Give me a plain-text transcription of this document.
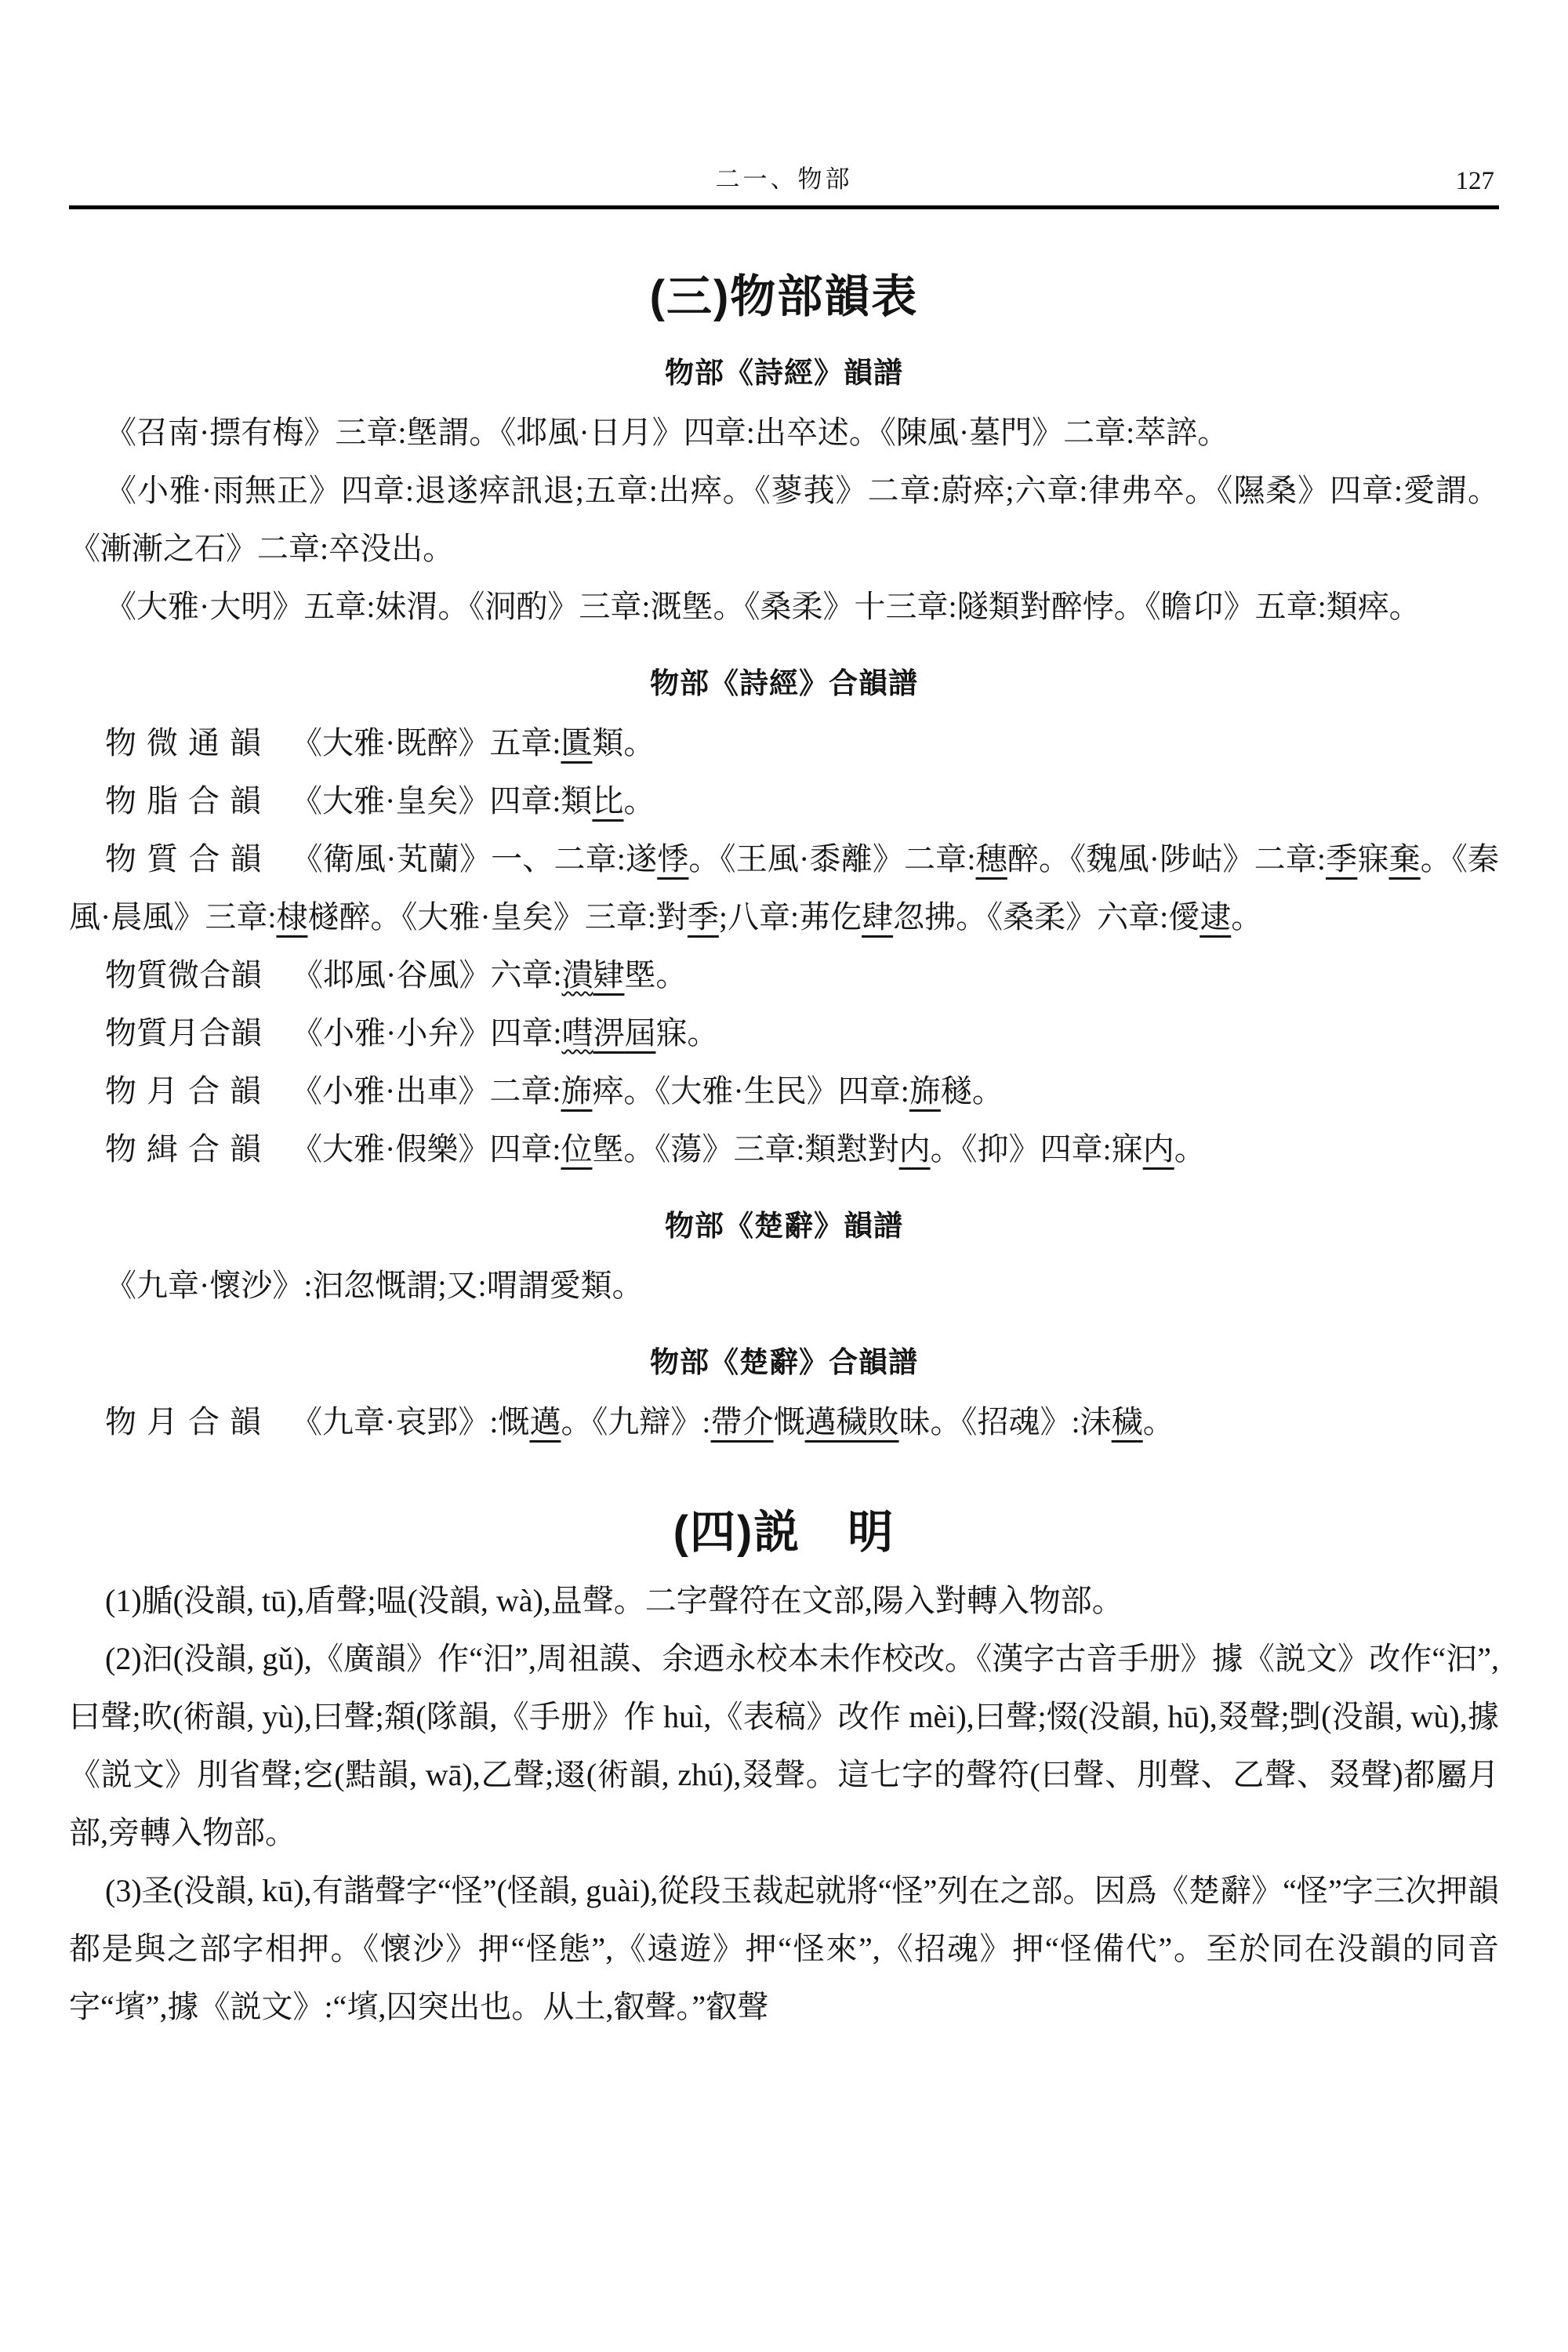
二一、物部	127
(三)物部韻表
物部《詩經》韻譜

《召南·摽有梅》三章:墍謂。《邶風·日月》四章:出卒述。《陳風·墓門》二章:萃誶。

《小雅·雨無正》四章:退遂瘁訊退;五章:出瘁。《蓼莪》二章:蔚瘁;六章:律弗卒。《隰桑》四章:愛謂。《漸漸之石》二章:卒没出。

《大雅·大明》五章:妹渭。《泂酌》三章:溉墍。《桑柔》十三章:隧類對醉悖。《瞻卬》五章:類瘁。

物部《詩經》合韻譜

物微通韻 《大雅·既醉》五章:匱類。

物脂合韻 《大雅·皇矣》四章:類比。

物質合韻 《衛風·芄蘭》一、二章:遂悸。《王風·黍離》二章:穗醉。《魏風·陟岵》二章:季寐棄。《秦風·晨風》三章:棣檖醉。《大雅·皇矣》三章:對季;八章:茀仡肆忽拂。《桑柔》六章:僾逮。

物質微合韻 《邶風·谷風》六章:潰肄塈。

物質月合韻 《小雅·小弁》四章:嘒淠屆寐。

物月合韻 《小雅·出車》二章:旆瘁。《大雅·生民》四章:旆穟。

物緝合韻 《大雅·假樂》四章:位墍。《蕩》三章:類懟對内。《抑》四章:寐内。

物部《楚辭》韻譜

《九章·懷沙》:汩忽慨謂;又:喟謂愛類。

物部《楚辭》合韻譜

物月合韻 《九章·哀郢》:慨邁。《九辯》:帶介慨邁穢敗昧。《招魂》:沬穢。

(四)説　明

(1)腯(没韻, tū),盾聲;嗢(没韻, wà),昷聲。二字聲符在文部,陽入對轉入物部。

(2)汩(没韻, gǔ),《廣韻》作“汨”,周祖謨、余迺永校本未作校改。《漢字古音手册》據《説文》改作“汩”,曰聲;欥(術韻, yù),曰聲;頮(隊韻,《手册》作 huì,《表稿》改作 mèi),曰聲;惙(没韻, hū),叕聲;㓸(没韻, wù),據《説文》刖省聲;穵(黠韻, wā),乙聲;逫(術韻, zhú),叕聲。這七字的聲符(曰聲、刖聲、乙聲、叕聲)都屬月部,旁轉入物部。

(3)圣(没韻, kū),有諧聲字“怪”(怪韻, guài),從段玉裁起就將“怪”列在之部。因爲《楚辭》“怪”字三次押韻都是與之部字相押。《懷沙》押“怪態”,《遠遊》押“怪來”,《招魂》押“怪備代”。至於同在没韻的同音字“𡒨”,據《説文》:“𡒨,囚突出也。从土,叡聲。”叡聲
